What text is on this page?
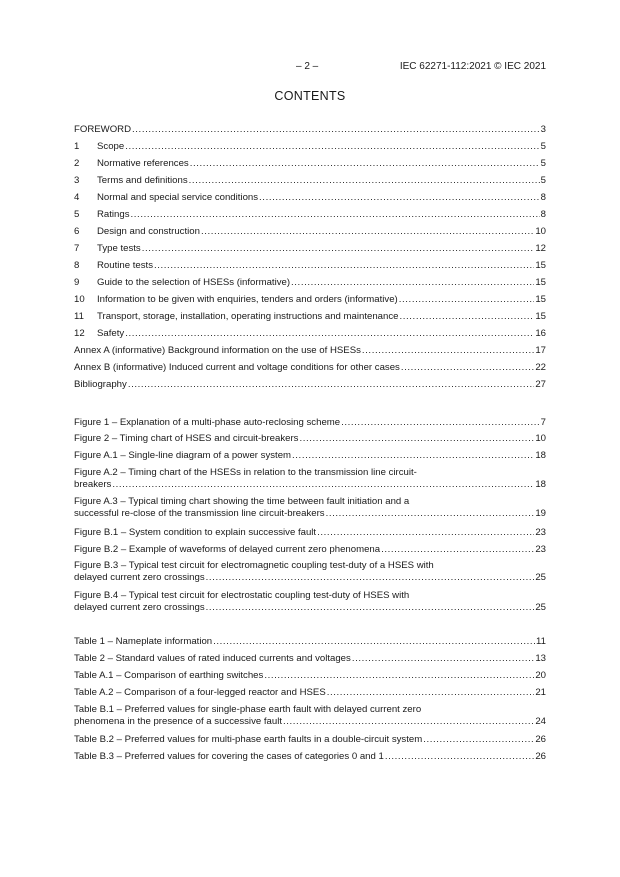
– 2 –	IEC 62271-112:2021 © IEC 2021
CONTENTS
FOREWORD .....	3
1	Scope .....	5
2	Normative references .....	5
3	Terms and definitions .....	5
4	Normal and special service conditions .....	8
5	Ratings .....	8
6	Design and construction .....	10
7	Type tests .....	12
8	Routine tests .....	15
9	Guide to the selection of HSESs (informative) .....	15
10	Information to be given with enquiries, tenders and orders (informative) .....	15
11	Transport, storage, installation, operating instructions and maintenance .....	15
12	Safety .....	16
Annex A (informative) Background information on the use of HSESs .....	17
Annex B (informative) Induced current and voltage conditions for other cases .....	22
Bibliography .....	27
Figure 1 – Explanation of a multi-phase auto-reclosing scheme .....	7
Figure 2 – Timing chart of HSES and circuit-breakers .....	10
Figure A.1 – Single-line diagram of a power system .....	18
Figure A.2 – Timing chart of the HSESs in relation to the transmission line circuit-
breakers .....	18
Figure A.3 – Typical timing chart showing the time between fault initiation and a
successful re-close of the transmission line circuit-breakers .....	19
Figure B.1 – System condition to explain successive fault .....	23
Figure B.2 – Example of waveforms of delayed current zero phenomena .....	23
Figure B.3 – Typical test circuit for electromagnetic coupling test-duty of a HSES with
delayed current zero crossings .....	25
Figure B.4 – Typical test circuit for electrostatic coupling test-duty of HSES with
delayed current zero crossings .....	25
Table 1 – Nameplate information .....	11
Table 2 – Standard values of rated induced currents and voltages .....	13
Table A.1 – Comparison of earthing switches .....	20
Table A.2 – Comparison of a four-legged reactor and HSES .....	21
Table B.1 – Preferred values for single-phase earth fault with delayed current zero
phenomena in the presence of a successive fault .....	24
Table B.2 – Preferred values for multi-phase earth faults in a double-circuit system .....	26
Table B.3 – Preferred values for covering the cases of categories 0 and 1 .....	26
